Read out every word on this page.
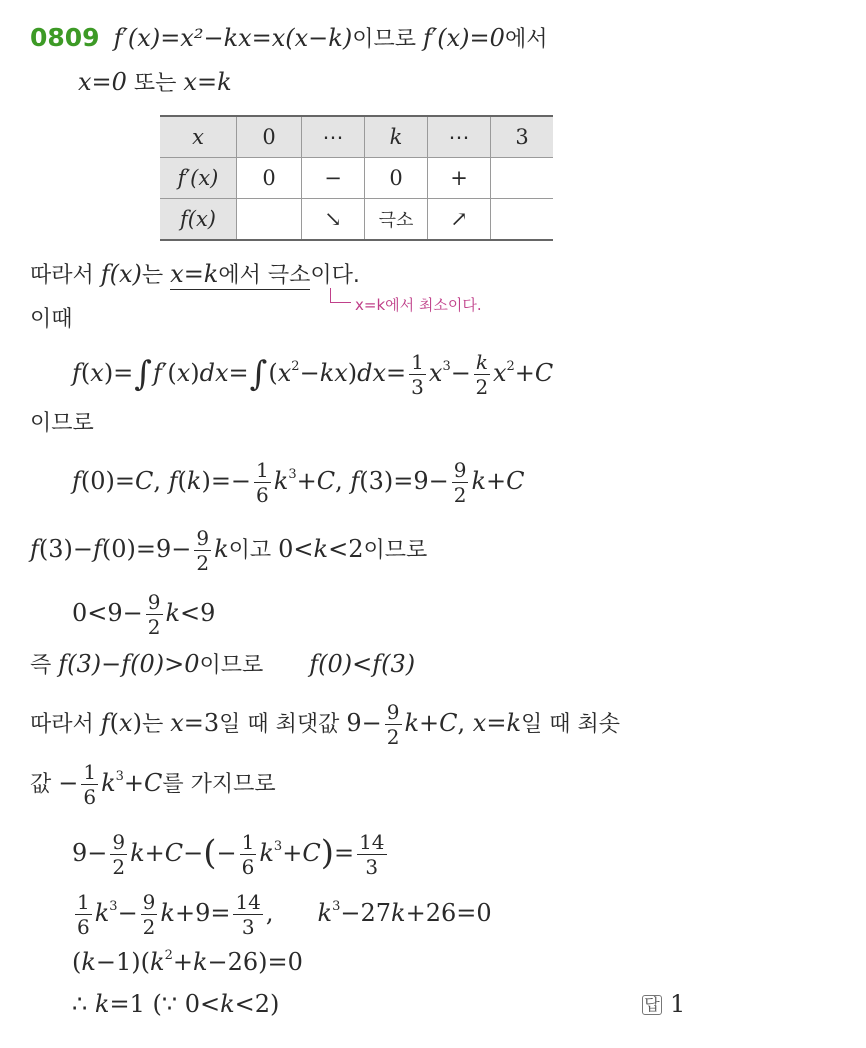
0809 f′(x)=x²−kx=x(x−k)이므로 f′(x)=0에서
x=0 또는 x=k
x	0	⋯	k	⋯	3
f′(x)	0	−	0	+	
f(x)		↘	극소	↗	
따라서 f(x)는 x=k에서 극소이다.
x=k에서 최소이다.
이때
$f(x)=\int f'(x)dx=\int(x^2-kx)dx= \frac{1}{3} x^3- \frac{k}{2} x^2+C$
이므로
f(0)=C, $f(k)=- \frac{1}{6} k^3+C$, $f(3)=9- \frac{9}{2} k+C$
$f(3)-f(0)=9- \frac{9}{2}$ k이고 0<k<2이므로
$0<9- \frac{9}{2} k<9$
즉 f(3)−f(0)>0이므로 f(0)<f(3)
따라서 f(x)는 x=3일 때 최댓값 $9- \frac{9}{2} k+C$, x=k일 때 최솟
값 − $\frac{1}{6} k^3+C$를 가지므로
$9- \frac{9}{2} k+C-(- \frac{1}{6} k^3+C)= \frac{14}{3}$
$\frac{1}{6} k^3- \frac{9}{2} k+9= \frac{14}{3}$ , $k^3-27k+26=0$
$(k-1)(k^2+k-26)=0$
∴ k=1 (∵ 0<k<2)	답 1
